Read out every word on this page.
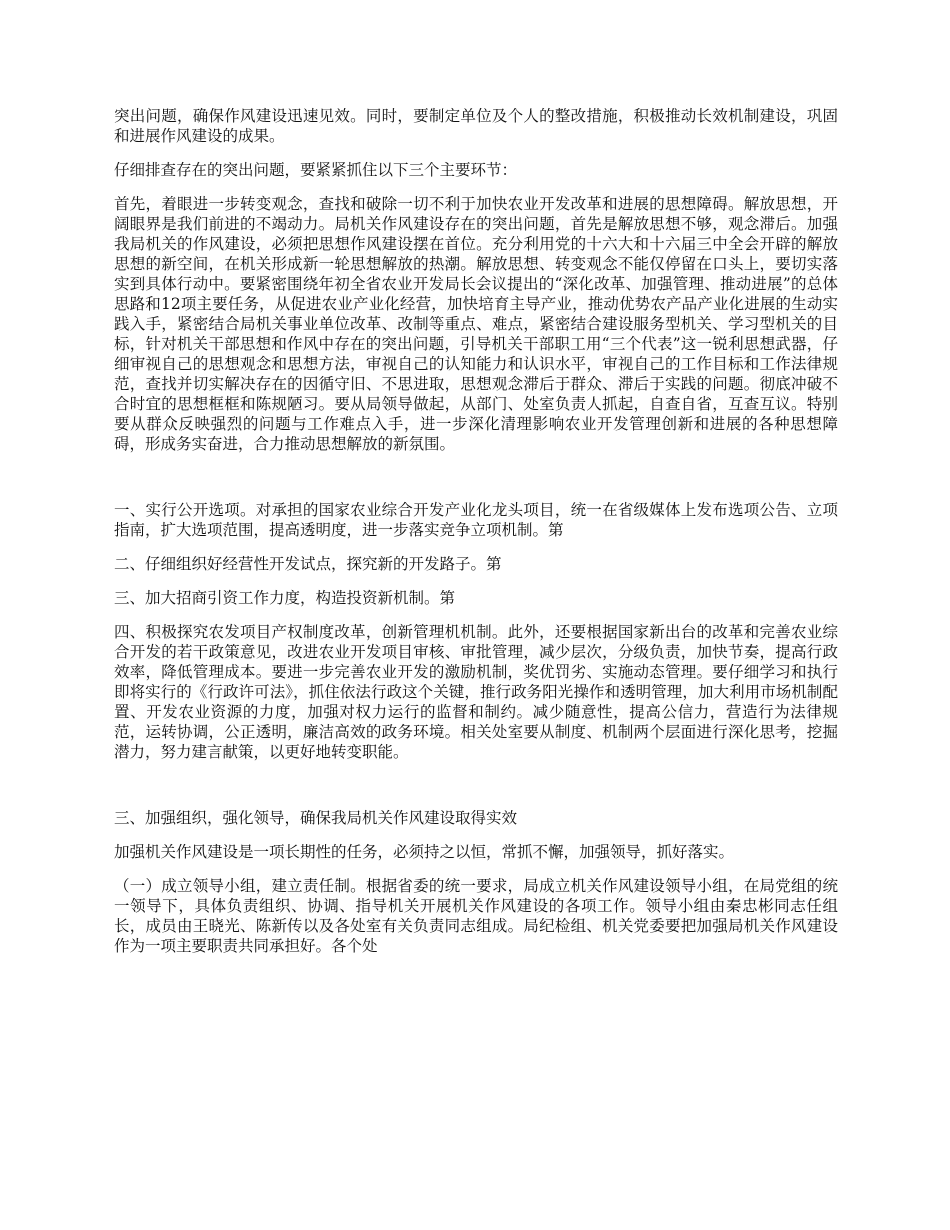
突出问题，确保作风建设迅速见效。同时，要制定单位及个人的整改措施，积极推动长效机制建设，巩固和进展作风建设的成果。

仔细排查存在的突出问题，要紧紧抓住以下三个主要环节：

首先，着眼进一步转变观念，查找和破除一切不利于加快农业开发改革和进展的思想障碍。解放思想，开阔眼界是我们前进的不竭动力。局机关作风建设存在的突出问题，首先是解放思想不够，观念滞后。加强我局机关的作风建设，必须把思想作风建设摆在首位。充分利用党的十六大和十六届三中全会开辟的解放思想的新空间，在机关形成新一轮思想解放的热潮。解放思想、转变观念不能仅停留在口头上，要切实落实到具体行动中。要紧密围绕年初全省农业开发局长会议提出的“深化改革、加强管理、推动进展”的总体思路和12项主要任务，从促进农业产业化经营，加快培育主导产业，推动优势农产品产业化进展的生动实践入手，紧密结合局机关事业单位改革、改制等重点、难点，紧密结合建设服务型机关、学习型机关的目标，针对机关干部思想和作风中存在的突出问题，引导机关干部职工用“三个代表”这一锐利思想武器，仔细审视自己的思想观念和思想方法，审视自己的认知能力和认识水平，审视自己的工作目标和工作法律规范，查找并切实解决存在的因循守旧、不思进取，思想观念滞后于群众、滞后于实践的问题。彻底冲破不合时宜的思想框框和陈规陋习。要从局领导做起，从部门、处室负责人抓起，自查自省，互查互议。特别要从群众反映强烈的问题与工作难点入手，进一步深化清理影响农业开发管理创新和进展的各种思想障碍，形成务实奋进，合力推动思想解放的新氛围。

一、实行公开选项。对承担的国家农业综合开发产业化龙头项目，统一在省级媒体上发布选项公告、立项指南，扩大选项范围，提高透明度，进一步落实竞争立项机制。第

二、仔细组织好经营性开发试点，探究新的开发路子。第

三、加大招商引资工作力度，构造投资新机制。第

四、积极探究农发项目产权制度改革，创新管理机机制。此外，还要根据国家新出台的改革和完善农业综合开发的若干政策意见，改进农业开发项目审核、审批管理，减少层次，分级负责，加快节奏，提高行政效率，降低管理成本。要进一步完善农业开发的激励机制，奖优罚劣、实施动态管理。要仔细学习和执行即将实行的《行政许可法》，抓住依法行政这个关键，推行政务阳光操作和透明管理，加大利用市场机制配置、开发农业资源的力度，加强对权力运行的监督和制约。减少随意性，提高公信力，营造行为法律规范，运转协调，公正透明，廉洁高效的政务环境。相关处室要从制度、机制两个层面进行深化思考，挖掘潜力，努力建言献策，以更好地转变职能。

三、加强组织，强化领导，确保我局机关作风建设取得实效

加强机关作风建设是一项长期性的任务，必须持之以恒，常抓不懈，加强领导，抓好落实。

（一）成立领导小组，建立责任制。根据省委的统一要求，局成立机关作风建设领导小组，在局党组的统一领导下，具体负责组织、协调、指导机关开展机关作风建设的各项工作。领导小组由秦忠彬同志任组长，成员由王晓光、陈新传以及各处室有关负责同志组成。局纪检组、机关党委要把加强局机关作风建设作为一项主要职责共同承担好。各个处
